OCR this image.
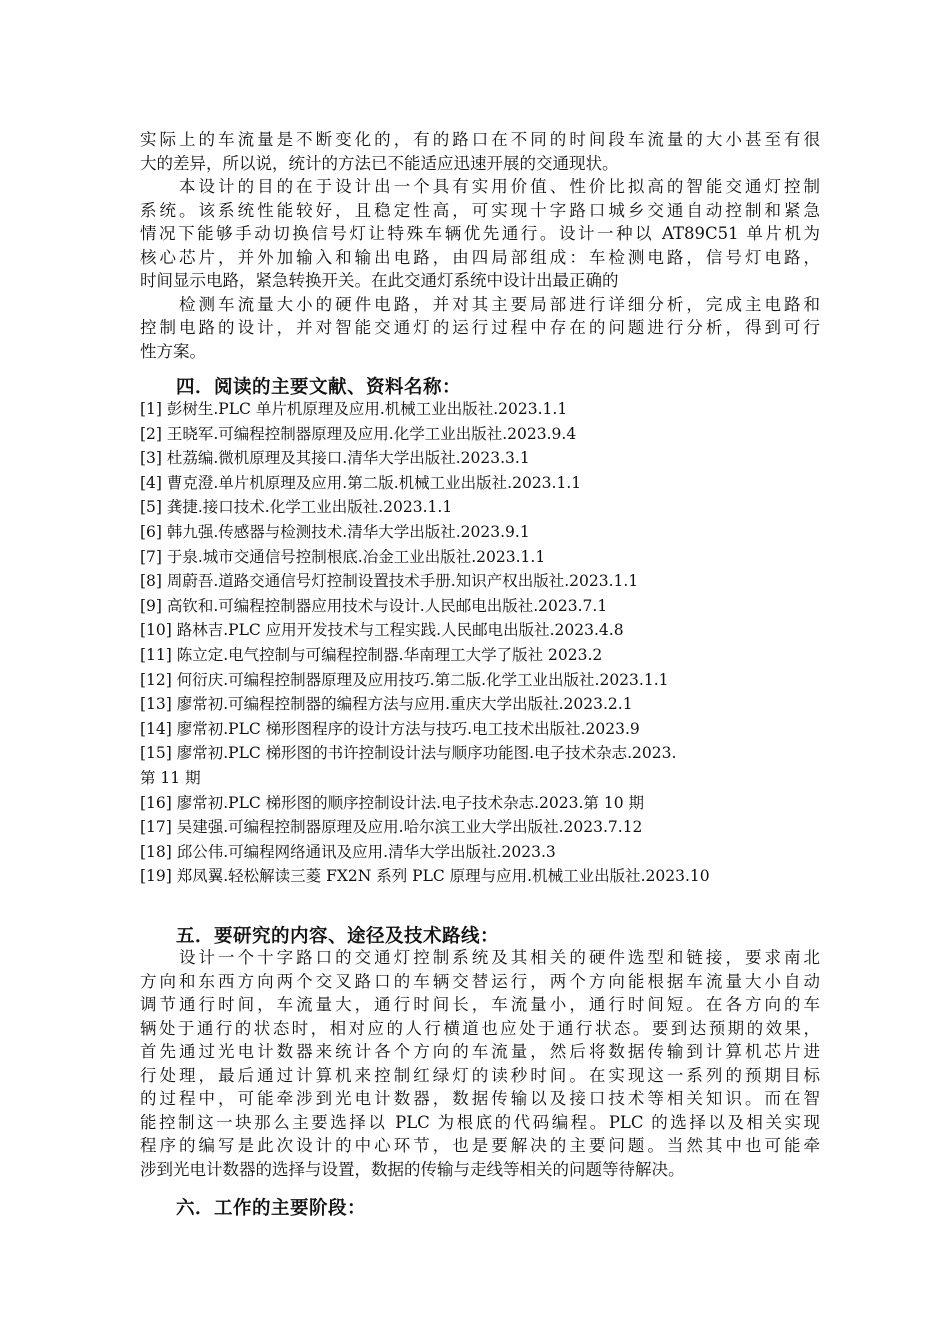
实际上的车流量是不断变化的，有的路口在不同的时间段车流量的大小甚至有很
大的差异，所以说，统计的方法已不能适应迅速开展的交通现状。
　　本设计的目的在于设计出一个具有实用价值、性价比拟高的智能交通灯控制
系统。该系统性能较好，且稳定性高，可实现十字路口城乡交通自动控制和紧急
情况下能够手动切换信号灯让特殊车辆优先通行。设计一种以 AT89C51 单片机为
核心芯片，并外加输入和输出电路，由四局部组成：车检测电路，信号灯电路，
时间显示电路，紧急转换开关。在此交通灯系统中设计出最正确的
　　检测车流量大小的硬件电路，并对其主要局部进行详细分析，完成主电路和
控制电路的设计，并对智能交通灯的运行过程中存在的问题进行分析，得到可行
性方案。
四．阅读的主要文献、资料名称：
[1] 彭树生.PLC 单片机原理及应用.机械工业出版社.2023.1.1
[2] 王晓军.可编程控制器原理及应用.化学工业出版社.2023.9.4
[3] 杜荔编.微机原理及其接口.清华大学出版社.2023.3.1
[4] 曹克澄.单片机原理及应用.第二版.机械工业出版社.2023.1.1
[5] 龚捷.接口技术.化学工业出版社.2023.1.1
[6] 韩九强.传感器与检测技术.清华大学出版社.2023.9.1
[7] 于泉.城市交通信号控制根底.冶金工业出版社.2023.1.1
[8] 周蔚吾.道路交通信号灯控制设置技术手册.知识产权出版社.2023.1.1
[9] 高钦和.可编程控制器应用技术与设计.人民邮电出版社.2023.7.1
[10] 路林吉.PLC 应用开发技术与工程实践.人民邮电出版社.2023.4.8
[11] 陈立定.电气控制与可编程控制器.华南理工大学了版社 2023.2
[12] 何衍庆.可编程控制器原理及应用技巧.第二版.化学工业出版社.2023.1.1
[13] 廖常初.可编程控制器的编程方法与应用.重庆大学出版社.2023.2.1
[14] 廖常初.PLC 梯形图程序的设计方法与技巧.电工技术出版社.2023.9
[15] 廖常初.PLC 梯形图的书许控制设计法与顺序功能图.电子技术杂志.2023.
第 11 期
[16] 廖常初.PLC 梯形图的顺序控制设计法.电子技术杂志.2023.第 10 期
[17] 吴建强.可编程控制器原理及应用.哈尔滨工业大学出版社.2023.7.12
[18] 邱公伟.可编程网络通讯及应用.清华大学出版社.2023.3
[19] 郑凤翼.轻松解读三菱 FX2N 系列 PLC 原理与应用.机械工业出版社.2023.10
五．要研究的内容、途径及技术路线：
　　设计一个十字路口的交通灯控制系统及其相关的硬件选型和链接，要求南北
方向和东西方向两个交叉路口的车辆交替运行，两个方向能根据车流量大小自动
调节通行时间，车流量大，通行时间长，车流量小，通行时间短。在各方向的车
辆处于通行的状态时，相对应的人行横道也应处于通行状态。要到达预期的效果，
首先通过光电计数器来统计各个方向的车流量，然后将数据传输到计算机芯片进
行处理，最后通过计算机来控制红绿灯的读秒时间。在实现这一系列的预期目标
的过程中，可能牵涉到光电计数器，数据传输以及接口技术等相关知识。而在智
能控制这一块那么主要选择以 PLC 为根底的代码编程。PLC 的选择以及相关实现
程序的编写是此次设计的中心环节，也是要解决的主要问题。当然其中也可能牵
涉到光电计数器的选择与设置，数据的传输与走线等相关的问题等待解决。
六．工作的主要阶段：
